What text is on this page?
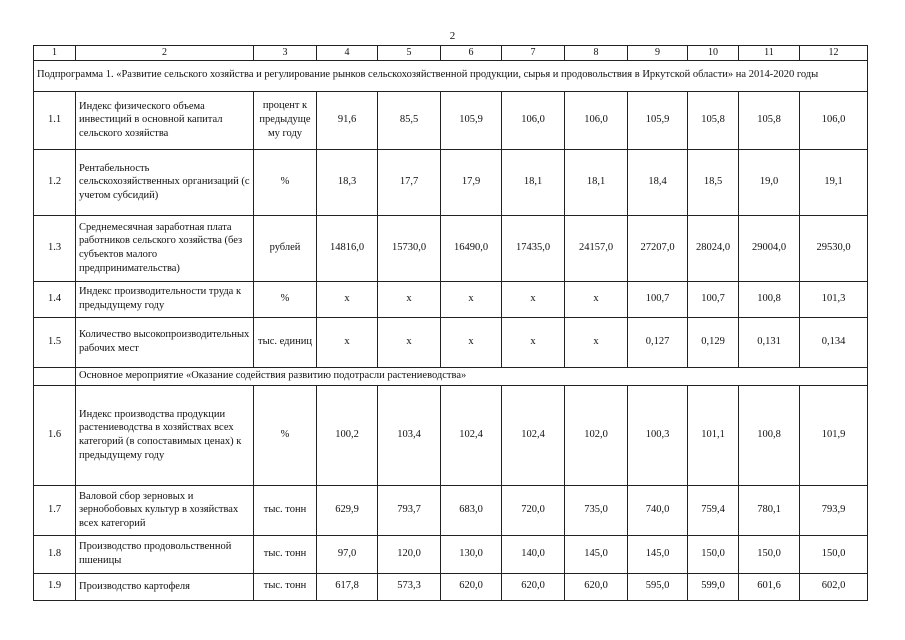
2
1	2	3	4	5	6	7	8	9	10	11	12
Подпрограмма 1. «Развитие сельского хозяйства и регулирование рынков сельскохозяйственной продукции, сырья и продовольствия в Иркутской области» на 2014-2020 годы											
1.1	Индекс физического объема инвестиций в основной капитал сельского хозяйства	процент к предыдуще му году	91,6	85,5	105,9	106,0	106,0	105,9	105,8	105,8	106,0
1.2	Рентабельность сельскохозяйственных организаций (с учетом субсидий)	%	18,3	17,7	17,9	18,1	18,1	18,4	18,5	19,0	19,1
1.3	Среднемесячная заработная плата работников сельского хозяйства (без субъектов малого предпринимательства)	рублей	14816,0	15730,0	16490,0	17435,0	24157,0	27207,0	28024,0	29004,0	29530,0
1.4	Индекс производительности труда к предыдущему году	%	x	x	x	x	x	100,7	100,7	100,8	101,3
1.5	Количество высокопроизводительных рабочих мест	тыс. единиц	x	x	x	x	x	0,127	0,129	0,131	0,134
	Основное мероприятие «Оказание содействия развитию подотрасли растениеводства»										
1.6	Индекс производства продукции растениеводства в хозяйствах всех категорий (в сопоставимых ценах) к предыдущему году	%	100,2	103,4	102,4	102,4	102,0	100,3	101,1	100,8	101,9
1.7	Валовой сбор зерновых и зернобобовых культур в хозяйствах всех категорий	тыс. тонн	629,9	793,7	683,0	720,0	735,0	740,0	759,4	780,1	793,9
1.8	Производство продовольственной пшеницы	тыс. тонн	97,0	120,0	130,0	140,0	145,0	145,0	150,0	150,0	150,0
1.9	Производство картофеля	тыс. тонн	617,8	573,3	620,0	620,0	620,0	595,0	599,0	601,6	602,0
